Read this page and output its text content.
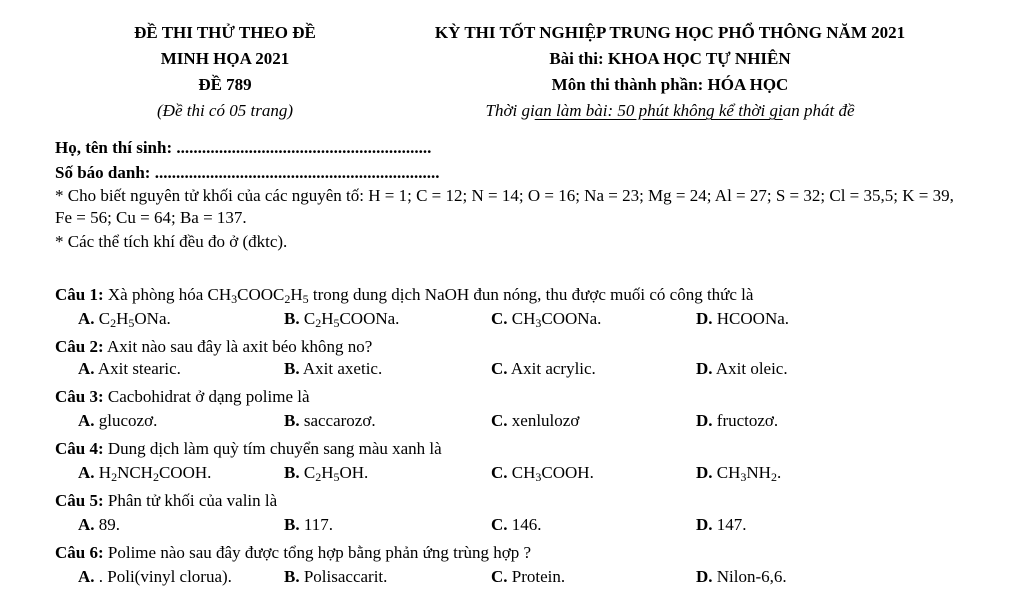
ĐỀ THI THỬ THEO ĐỀ
MINH HỌA 2021
ĐỀ 789
(Đề thi có 05 trang)
KỲ THI TỐT NGHIỆP TRUNG HỌC PHỔ THÔNG NĂM 2021
Bài thi: KHOA HỌC TỰ NHIÊN
Môn thi thành phần: HÓA HỌC
Thời gian làm bài: 50 phút không kể thời gian phát đề
Họ, tên thí sinh: ............................................................
Số báo danh: ...................................................................
* Cho biết nguyên tử khối của các nguyên tố: H = 1; C = 12; N = 14; O = 16; Na = 23; Mg = 24; Al = 27; S = 32; Cl = 35,5; K = 39, Fe = 56; Cu = 64; Ba = 137.
* Các thể tích khí đều đo ở (đktc).
Câu 1: Xà phòng hóa $CH_3COOC_2H_5$ trong dung dịch NaOH đun nóng, thu được muối có công thức là
A. $C_2H_5ONa$.	B. $C_2H_5COONa$.	C. $CH_3COONa$.	D. HCOONa.
Câu 2: Axit nào sau đây là axit béo không no?
A. Axit stearic.	B. Axit axetic.	C. Axit acrylic.	D. Axit oleic.
Câu 3: Cacbohidrat ở dạng polime là
A. glucozơ.	B. saccarozơ.	C. xenlulozơ	D. fructozơ.
Câu 4: Dung dịch làm quỳ tím chuyển sang màu xanh là
A. $H_2NCH_2COOH$.	B. $C_2H_5OH$.	C. $CH_3COOH$.	D. $CH_3NH_2$.
Câu 5: Phân tử khối của valin là
A. 89.	B. 117.	C. 146.	D. 147.
Câu 6: Polime nào sau đây được tổng hợp bằng phản ứng trùng hợp ?
A. . Poli(vinyl clorua).	B. Polisaccarit.	C. Protein.	D. Nilon-6,6.
